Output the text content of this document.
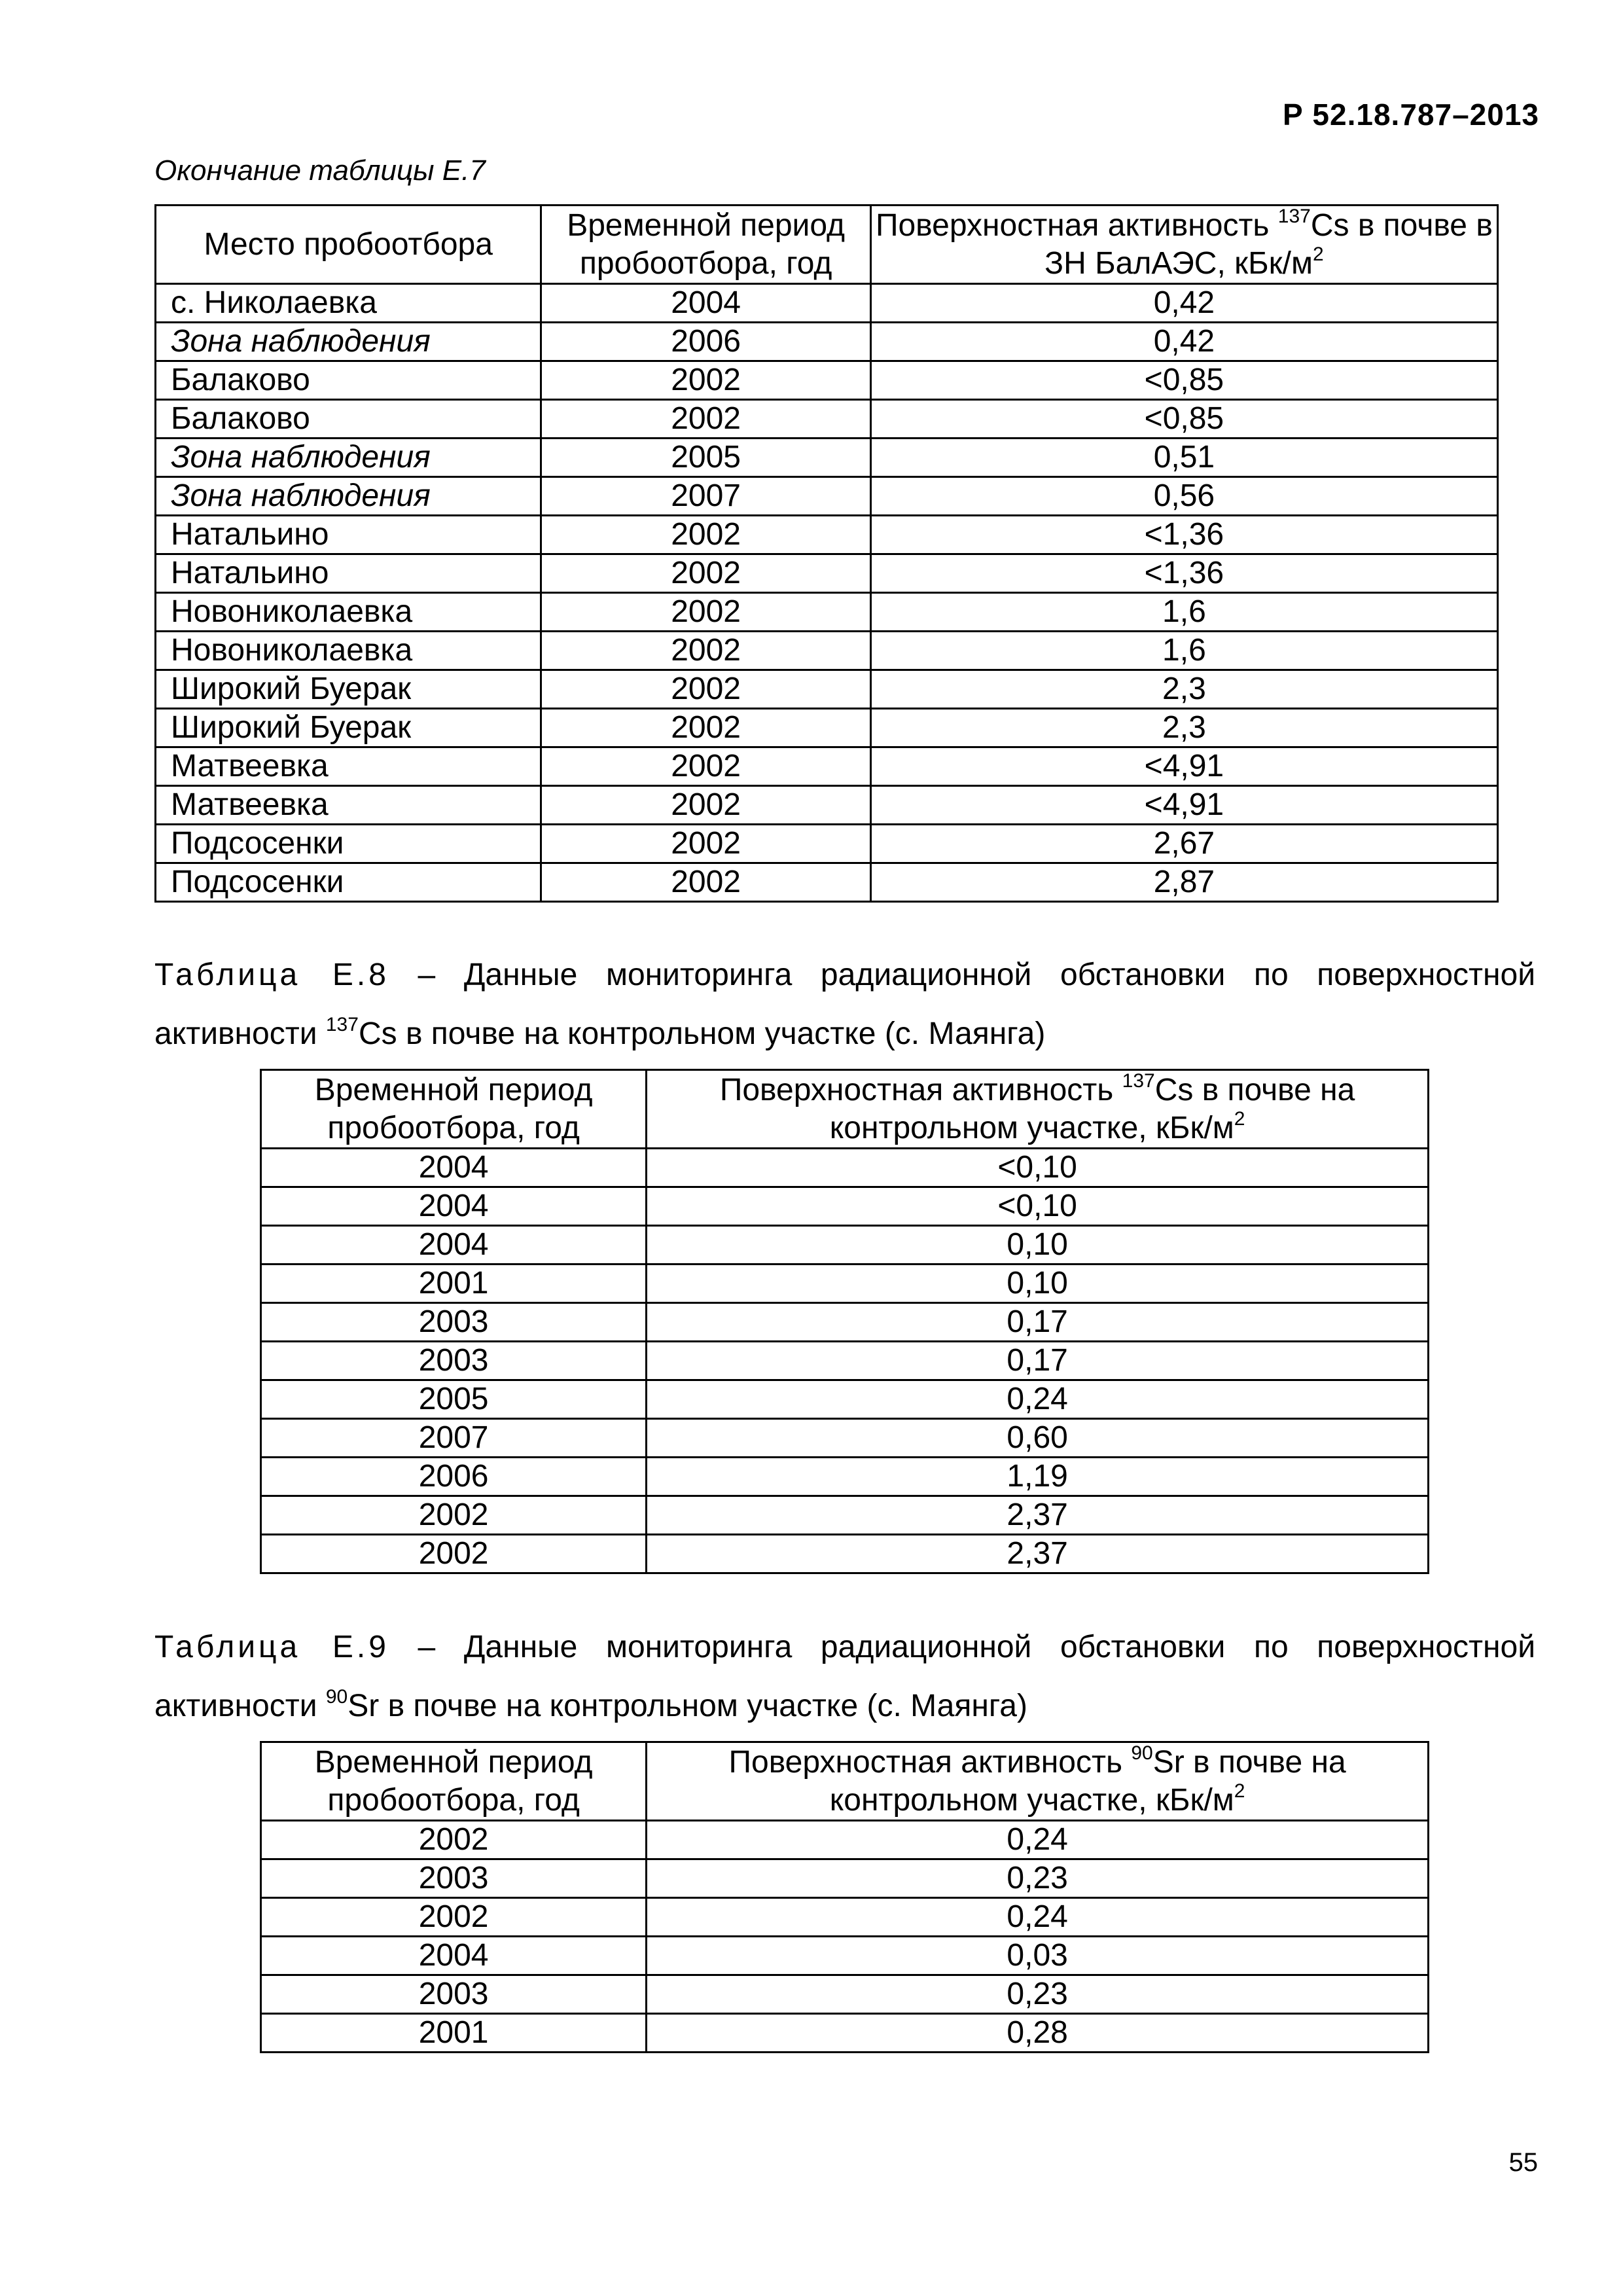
Р 52.18.787–2013
Окончание таблицы Е.7
Место пробоотбора	Временной период пробоотбора, год	Поверхностная активность $^{137}$Cs в почве в ЗН БалАЭС, кБк/$м^2$
с. Николаевка	2004	0,42
Зона наблюдения	2006	0,42
Балаково	2002	<0,85
Балаково	2002	<0,85
Зона наблюдения	2005	0,51
Зона наблюдения	2007	0,56
Натальино	2002	<1,36
Натальино	2002	<1,36
Новониколаевка	2002	1,6
Новониколаевка	2002	1,6
Широкий Буерак	2002	2,3
Широкий Буерак	2002	2,3
Матвеевка	2002	<4,91
Матвеевка	2002	<4,91
Подсосенки	2002	2,67
Подсосенки	2002	2,87
Таблица Е.8 – Данные мониторинга радиационной обстановки по поверхностной активности $^{137}$Cs в почве на контрольном участке (с. Маянга)
Временной период пробоотбора, год	Поверхностная активность $^{137}$Cs в почве на контрольном участке, кБк/$м^2$
2004	<0,10
2004	<0,10
2004	0,10
2001	0,10
2003	0,17
2003	0,17
2005	0,24
2007	0,60
2006	1,19
2002	2,37
2002	2,37
Таблица Е.9 – Данные мониторинга радиационной обстановки по поверхностной активности $^{90}$Sr в почве на контрольном участке (с. Маянга)
Временной период пробоотбора, год	Поверхностная активность $^{90}$Sr в почве на контрольном участке, кБк/$м^2$
2002	0,24
2003	0,23
2002	0,24
2004	0,03
2003	0,23
2001	0,28
55
